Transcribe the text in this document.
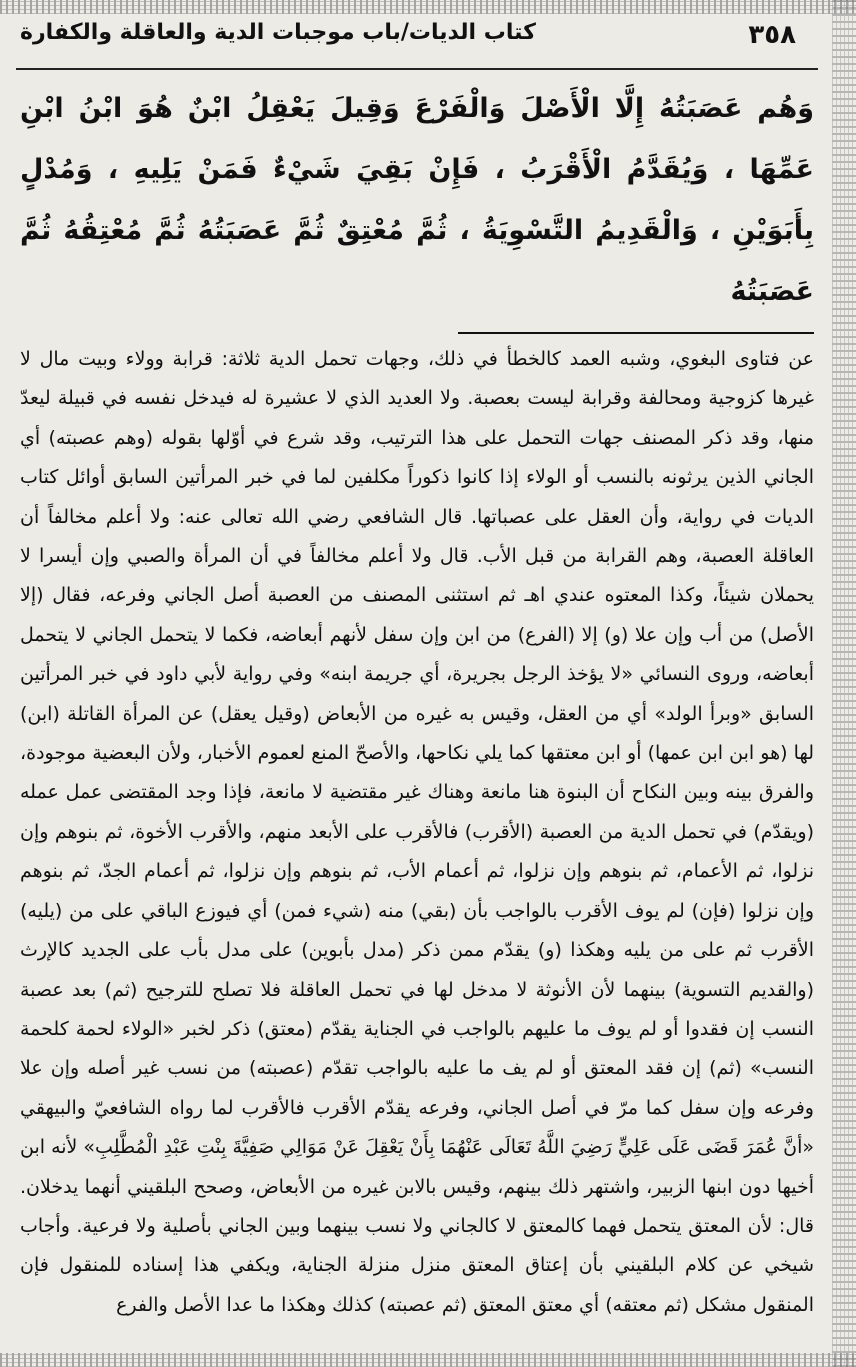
كتاب الديات/باب موجبات الدية والعاقلة والكفارة	٣٥٨
وَهُم عَصَبَتُهُ إِلَّا الْأَصْلَ وَالْفَرْعَ وَقِيلَ يَعْقِلُ ابْنٌ هُوَ ابْنُ ابْنِ عَمِّهَا ، وَيُقَدَّمُ الْأَقْرَبُ ، فَإِنْ بَقِيَ شَيْءٌ فَمَنْ يَلِيهِ ، وَمُدْلٍ بِأَبَوَيْنِ ، وَالْقَدِيمُ التَّسْوِيَةُ ، ثُمَّ مُعْتِقٌ ثُمَّ عَصَبَتُهُ ثُمَّ مُعْتِقُهُ ثُمَّ عَصَبَتُهُ
عن فتاوى البغوي، وشبه العمد كالخطأ في ذلك، وجهات تحمل الدية ثلاثة: قرابة وولاء وبيت مال لا غيرها كزوجية ومحالفة وقرابة ليست بعصبة. ولا العديد الذي لا عشيرة له فيدخل نفسه في قبيلة ليعدّ منها، وقد ذكر المصنف جهات التحمل على هذا الترتيب، وقد شرع في أوّلها بقوله (وهم عصبته) أي الجاني الذين يرثونه بالنسب أو الولاء إذا كانوا ذكوراً مكلفين لما في خبر المرأتين السابق أوائل كتاب الديات في رواية، وأن العقل على عصباتها. قال الشافعي رضي الله تعالى عنه: ولا أعلم مخالفاً أن العاقلة العصبة، وهم القرابة من قبل الأب. قال ولا أعلم مخالفاً في أن المرأة والصبي وإن أيسرا لا يحملان شيئاً، وكذا المعتوه عندي اهـ ثم استثنى المصنف من العصبة أصل الجاني وفرعه، فقال (إلا الأصل) من أب وإن علا (و) إلا (الفرع) من ابن وإن سفل لأنهم أبعاضه، فكما لا يتحمل الجاني لا يتحمل أبعاضه، وروى النسائي «لا يؤخذ الرجل بجريرة، أي جريمة ابنه» وفي رواية لأبي داود في خبر المرأتين السابق «وبرأ الولد» أي من العقل، وقيس به غيره من الأبعاض (وقيل يعقل) عن المرأة القاتلة (ابن) لها (هو ابن ابن عمها) أو ابن معتقها كما يلي نكاحها، والأصحّ المنع لعموم الأخبار، ولأن البعضية موجودة، والفرق بينه وبين النكاح أن البنوة هنا مانعة وهناك غير مقتضية لا مانعة، فإذا وجد المقتضى عمل عمله (ويقدّم) في تحمل الدية من العصبة (الأقرب) فالأقرب على الأبعد منهم، والأقرب الأخوة، ثم بنوهم وإن نزلوا، ثم الأعمام، ثم بنوهم وإن نزلوا، ثم أعمام الأب، ثم بنوهم وإن نزلوا، ثم أعمام الجدّ، ثم بنوهم وإن نزلوا (فإن) لم يوف الأقرب بالواجب بأن (بقي) منه (شيء فمن) أي فيوزع الباقي على من (يليه) الأقرب ثم على من يليه وهكذا (و) يقدّم ممن ذكر (مدل بأبوين) على مدل بأب على الجديد كالإرث (والقديم التسوية) بينهما لأن الأنوثة لا مدخل لها في تحمل العاقلة فلا تصلح للترجيح (ثم) بعد عصبة النسب إن فقدوا أو لم يوف ما عليهم بالواجب في الجناية يقدّم (معتق) ذكر لخبر «الولاء لحمة كلحمة النسب» (ثم) إن فقد المعتق أو لم يف ما عليه بالواجب تقدّم (عصبته) من نسب غير أصله وإن علا وفرعه وإن سفل كما مرّ في أصل الجاني، وفرعه يقدّم الأقرب فالأقرب لما رواه الشافعيّ والبيهقي «أنَّ عُمَرَ قَضَى عَلَى عَلِيٍّ رَضِيَ اللَّهُ تَعَالَى عَنْهُمَا بِأَنْ يَعْقِلَ عَنْ مَوَالِي صَفِيَّةَ بِنْتِ عَبْدِ الْمُطَّلِبِ» لأنه ابن أخيها دون ابنها الزبير، واشتهر ذلك بينهم، وقيس بالابن غيره من الأبعاض، وصحح البلقيني أنهما يدخلان. قال: لأن المعتق يتحمل فهما كالمعتق لا كالجاني ولا نسب بينهما وبين الجاني بأصلية ولا فرعية. وأجاب شيخي عن كلام البلقيني بأن إعتاق المعتق منزل منزلة الجناية، ويكفي هذا إسناده للمنقول فإن المنقول مشكل (ثم معتقه) أي معتق المعتق (ثم عصبته) كذلك وهكذا ما عدا الأصل والفرع
